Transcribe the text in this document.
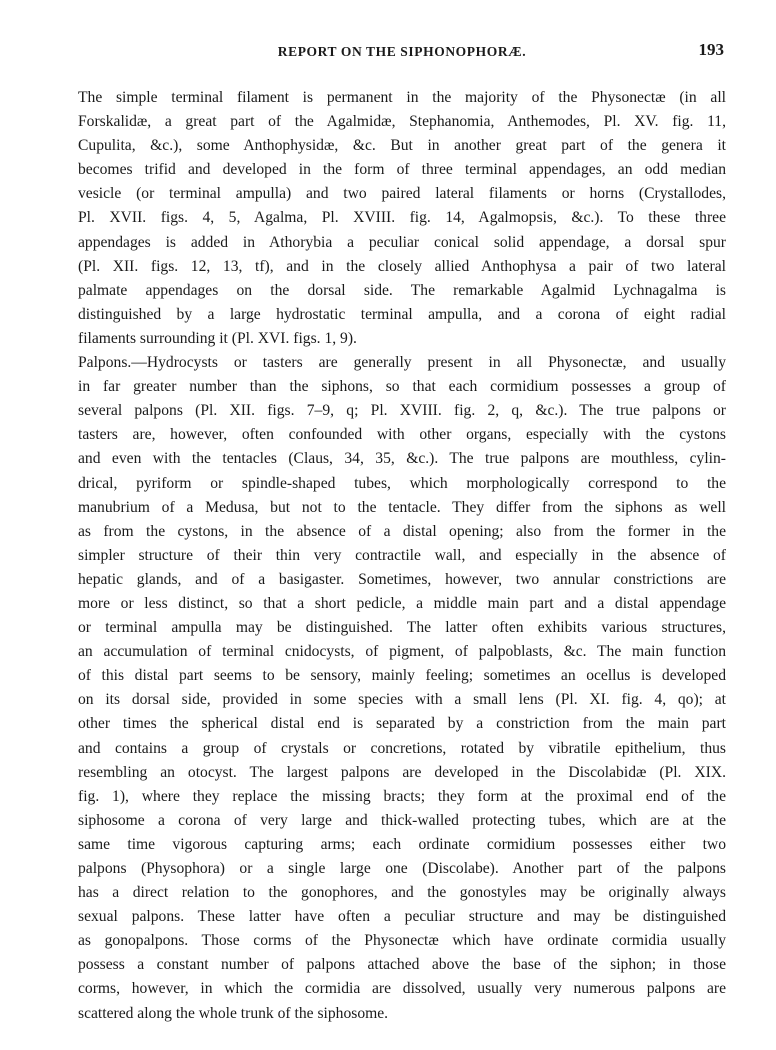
REPORT ON THE SIPHONOPHORÆ.	193

The simple terminal filament is permanent in the majority of the Physonectæ (in all
Forskalidæ, a great part of the Agalmidæ, Stephanomia, Anthemodes, Pl. XV. fig. 11,
Cupulita, &c.), some Anthophysidæ, &c. But in another great part of the genera it
becomes trifid and developed in the form of three terminal appendages, an odd median
vesicle (or terminal ampulla) and two paired lateral filaments or horns (Crystallodes,
Pl. XVII. figs. 4, 5, Agalma, Pl. XVIII. fig. 14, Agalmopsis, &c.). To these three
appendages is added in Athorybia a peculiar conical solid appendage, a dorsal spur
(Pl. XII. figs. 12, 13, tf), and in the closely allied Anthophysa a pair of two lateral
palmate appendages on the dorsal side. The remarkable Agalmid Lychnagalma is
distinguished by a large hydrostatic terminal ampulla, and a corona of eight radial
filaments surrounding it (Pl. XVI. figs. 1, 9).

Palpons.—Hydrocysts or tasters are generally present in all Physonectæ, and usually
in far greater number than the siphons, so that each cormidium possesses a group of
several palpons (Pl. XII. figs. 7–9, q; Pl. XVIII. fig. 2, q, &c.). The true palpons or
tasters are, however, often confounded with other organs, especially with the cystons
and even with the tentacles (Claus, 34, 35, &c.). The true palpons are mouthless, cylin-
drical, pyriform or spindle-shaped tubes, which morphologically correspond to the
manubrium of a Medusa, but not to the tentacle. They differ from the siphons as well
as from the cystons, in the absence of a distal opening; also from the former in the
simpler structure of their thin very contractile wall, and especially in the absence of
hepatic glands, and of a basigaster. Sometimes, however, two annular constrictions are
more or less distinct, so that a short pedicle, a middle main part and a distal appendage
or terminal ampulla may be distinguished. The latter often exhibits various structures,
an accumulation of terminal cnidocysts, of pigment, of palpoblasts, &c. The main function
of this distal part seems to be sensory, mainly feeling; sometimes an ocellus is developed
on its dorsal side, provided in some species with a small lens (Pl. XI. fig. 4, qo); at
other times the spherical distal end is separated by a constriction from the main part
and contains a group of crystals or concretions, rotated by vibratile epithelium, thus
resembling an otocyst. The largest palpons are developed in the Discolabidæ (Pl. XIX.
fig. 1), where they replace the missing bracts; they form at the proximal end of the
siphosome a corona of very large and thick-walled protecting tubes, which are at the
same time vigorous capturing arms; each ordinate cormidium possesses either two
palpons (Physophora) or a single large one (Discolabe). Another part of the palpons
has a direct relation to the gonophores, and the gonostyles may be originally always
sexual palpons. These latter have often a peculiar structure and may be distinguished
as gonopalpons. Those corms of the Physonectæ which have ordinate cormidia usually
possess a constant number of palpons attached above the base of the siphon; in those
corms, however, in which the cormidia are dissolved, usually very numerous palpons are
scattered along the whole trunk of the siphosome.
